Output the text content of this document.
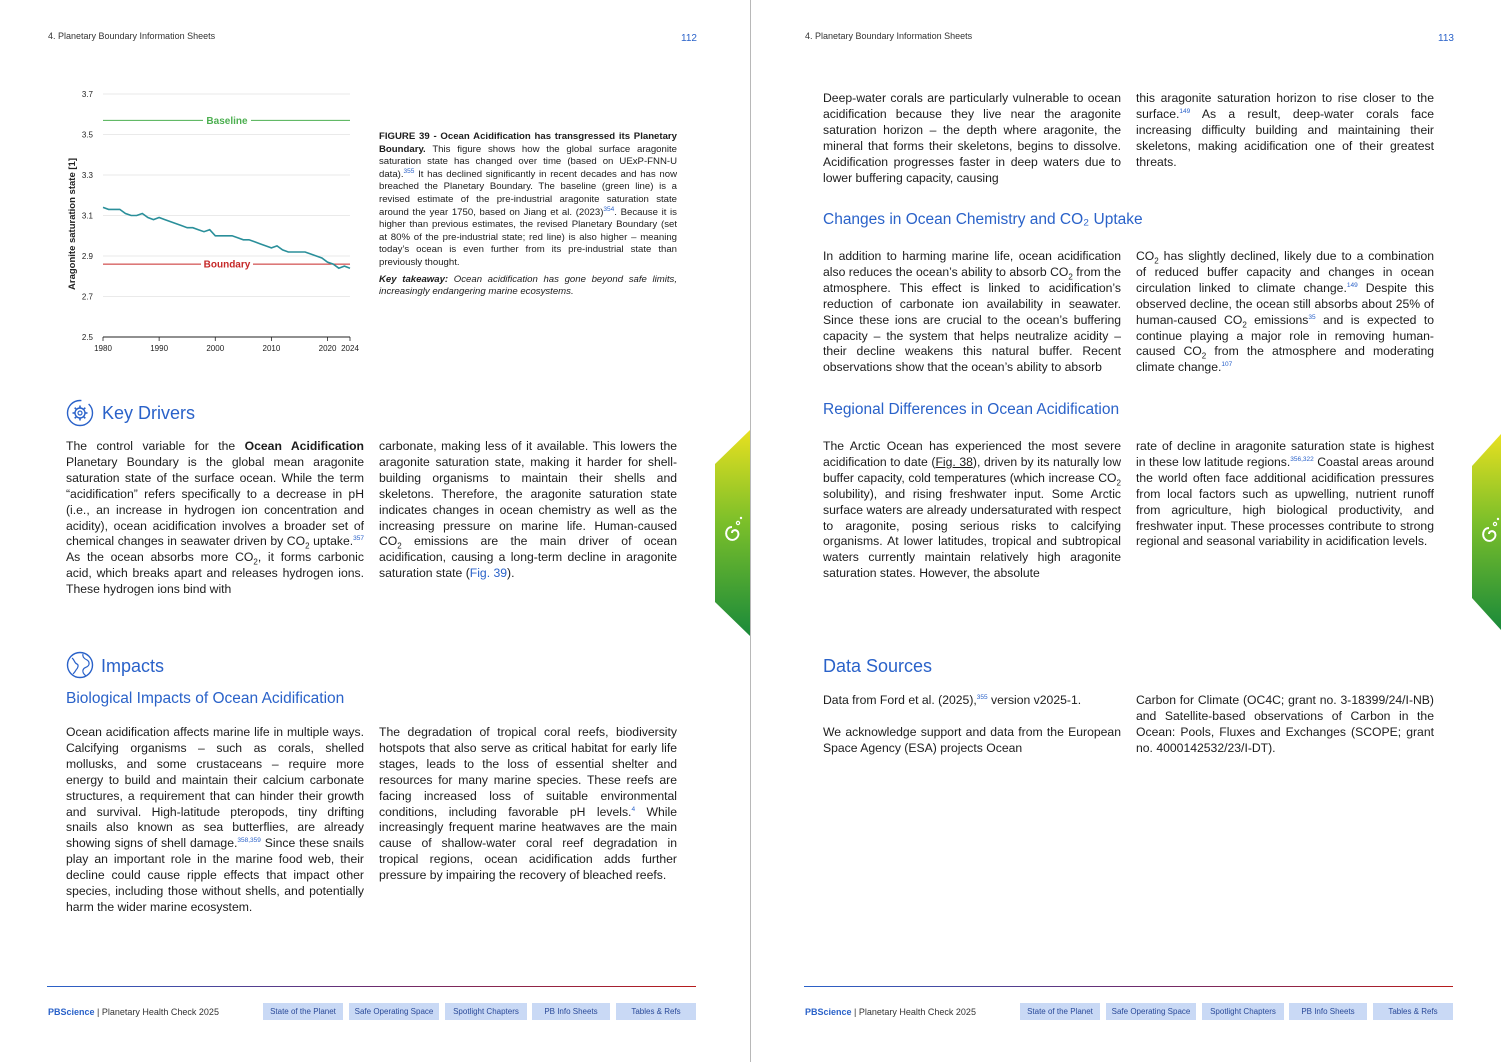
4. Planetary Boundary Information Sheets	112
3.7
3.5
3.3
3.1
2.9
2.7
2.5
1980	1990	2000	2010	2020 2024
Baseline
Boundary
Aragonite saturation state [1]

FIGURE 39 - Ocean Acidification has transgressed its Planetary Boundary. This figure shows how the global surface aragonite saturation state has changed over time (based on UExP-FNN-U data).$^{355}$ It has declined significantly in recent decades and has now breached the Planetary Boundary. The baseline (green line) is a revised estimate of the pre-industrial aragonite saturation state around the year 1750, based on Jiang et al. $(2023)^{354}$. Because it is higher than previous estimates, the revised Planetary Boundary (set at 80% of the pre-industrial state; red line) is also higher – meaning today’s ocean is even further from its pre-industrial state than previously thought.

Key takeaway: Ocean acidification has gone beyond safe limits, increasingly endangering marine ecosystems.

Key Drivers

The control variable for the Ocean Acidification Planetary Boundary is the global mean aragonite saturation state of the surface ocean. While the term “acidification” refers specifically to a decrease in pH (i.e., an increase in hydrogen ion concentration and acidity), ocean acidification involves a broader set of chemical changes in seawater driven by $CO_2$ uptake.$^{357}$ As the ocean absorbs more $CO_2$, it forms carbonic acid, which breaks apart and releases hydrogen ions. These hydrogen ions bind with

carbonate, making less of it available. This lowers the aragonite saturation state, making it harder for shell-building organisms to maintain their shells and skeletons. Therefore, the aragonite saturation state indicates changes in ocean chemistry as well as the increasing pressure on marine life. Human-caused $CO_2$ emissions are the main driver of ocean acidification, causing a long-term decline in aragonite saturation state (Fig. 39).

Impacts
Biological Impacts of Ocean Acidification

Ocean acidification affects marine life in multiple ways. Calcifying organisms – such as corals, shelled mollusks, and some crustaceans – require more energy to build and maintain their calcium carbonate structures, a requirement that can hinder their growth and survival. High-latitude pteropods, tiny drifting snails also known as sea butterflies, are already showing signs of shell damage.$^{358,359}$ Since these snails play an important role in the marine food web, their decline could cause ripple effects that impact other species, including those without shells, and potentially harm the wider marine ecosystem.

The degradation of tropical coral reefs, biodiversity hotspots that also serve as critical habitat for early life stages, leads to the loss of essential shelter and resources for many marine species. These reefs are facing increased loss of suitable environmental conditions, including favorable pH levels.$^4$ While increasingly frequent marine heatwaves are the main cause of shallow-water coral reef degradation in tropical regions, ocean acidification adds further pressure by impairing the recovery of bleached reefs.

PBScience | Planetary Health Check 2025	State of the Planet	Safe Operating Space	Spotlight Chapters	PB Info Sheets	Tables & Refs
4. Planetary Boundary Information Sheets	113

Deep-water corals are particularly vulnerable to ocean acidification because they live near the aragonite saturation horizon – the depth where aragonite, the mineral that forms their skeletons, begins to dissolve. Acidification progresses faster in deep waters due to lower buffering capacity, causing

this aragonite saturation horizon to rise closer to the surface.$^{149}$ As a result, deep-water corals face increasing difficulty building and maintaining their skeletons, making acidification one of their greatest threats.

Changes in Ocean Chemistry and CO₂ Uptake

In addition to harming marine life, ocean acidification also reduces the ocean’s ability to absorb $CO_2$ from the atmosphere. This effect is linked to acidification’s reduction of carbonate ion availability in seawater. Since these ions are crucial to the ocean’s buffering capacity – the system that helps neutralize acidity – their decline weakens this natural buffer. Recent observations show that the ocean’s ability to absorb

$CO_2$ has slightly declined, likely due to a combination of reduced buffer capacity and changes in ocean circulation linked to climate change.$^{149}$ Despite this observed decline, the ocean still absorbs about 25% of human-caused $CO_2$ emissions$^{35}$ and is expected to continue playing a major role in removing human-caused $CO_2$ from the atmosphere and moderating climate change.$^{107}$

Regional Differences in Ocean Acidification

The Arctic Ocean has experienced the most severe acidification to date (Fig. 38), driven by its naturally low buffer capacity, cold temperatures (which increase $CO_2$ solubility), and rising freshwater input. Some Arctic surface waters are already undersaturated with respect to aragonite, posing serious risks to calcifying organisms. At lower latitudes, tropical and subtropical waters currently maintain relatively high aragonite saturation states. However, the absolute

rate of decline in aragonite saturation state is highest in these low latitude regions.$^{356,322}$ Coastal areas around the world often face additional acidification pressures from local factors such as upwelling, nutrient runoff from agriculture, high biological productivity, and freshwater input. These processes contribute to strong regional and seasonal variability in acidification levels.

Data Sources

Data from Ford et al. (2025),$^{355}$ version v2025-1.

We acknowledge support and data from the European Space Agency (ESA) projects Ocean

Carbon for Climate (OC4C; grant no. 3-18399/24/I-NB) and Satellite-based observations of Carbon in the Ocean: Pools, Fluxes and Exchanges (SCOPE; grant no. 4000142532/23/I-DT).

PBScience | Planetary Health Check 2025	State of the Planet	Safe Operating Space	Spotlight Chapters	PB Info Sheets	Tables & Refs
